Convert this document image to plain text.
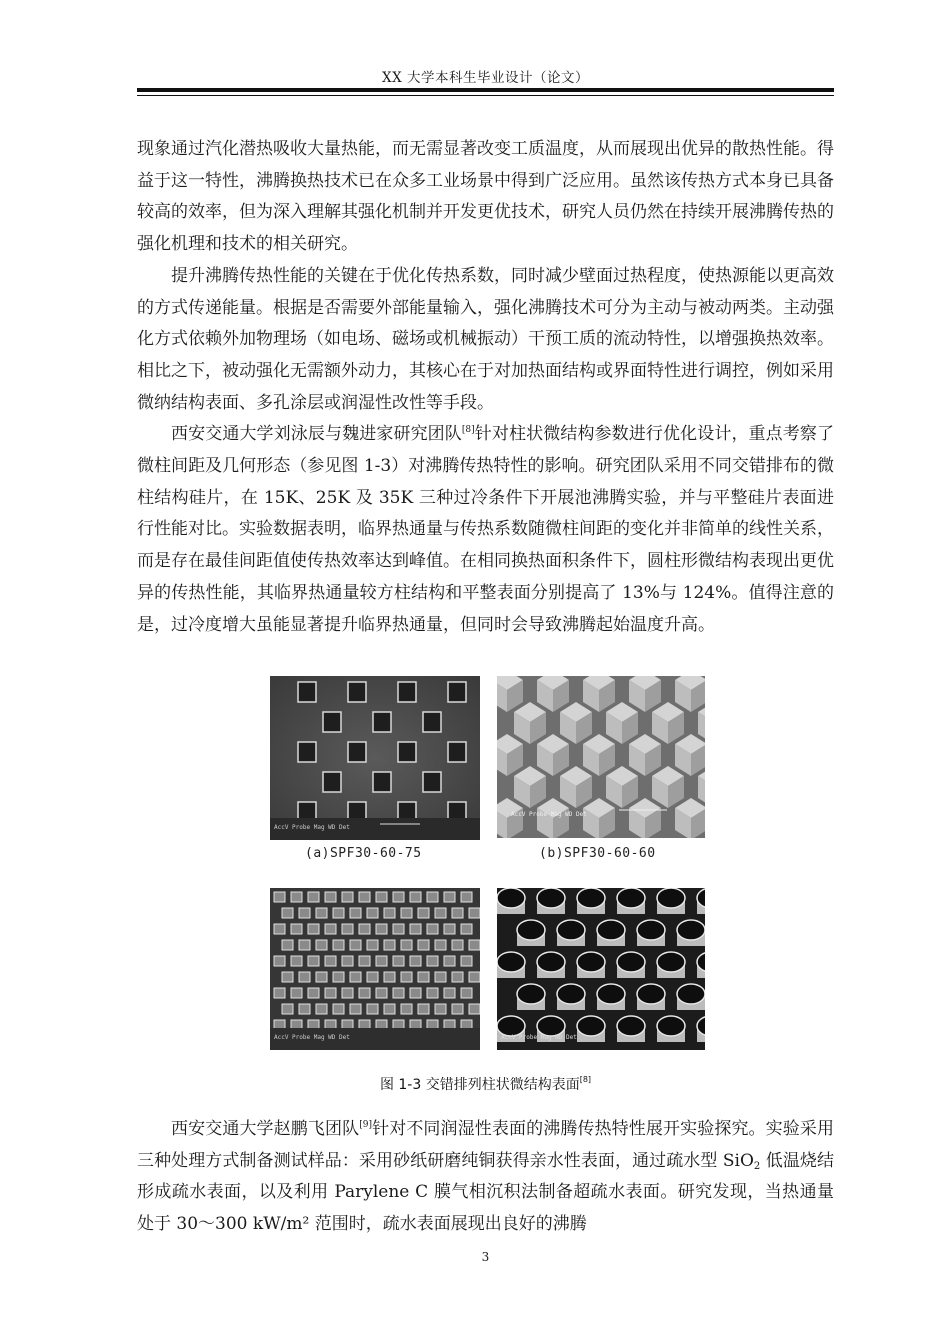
XX 大学本科生毕业设计（论文）

现象通过汽化潜热吸收大量热能，而无需显著改变工质温度，从而展现出优异的散热性能。得益于这一特性，沸腾换热技术已在众多工业场景中得到广泛应用。虽然该传热方式本身已具备较高的效率，但为深入理解其强化机制并开发更优技术，研究人员仍然在持续开展沸腾传热的强化机理和技术的相关研究。

提升沸腾传热性能的关键在于优化传热系数，同时减少壁面过热程度，使热源能以更高效的方式传递能量。根据是否需要外部能量输入，强化沸腾技术可分为主动与被动两类。主动强化方式依赖外加物理场（如电场、磁场或机械振动）干预工质的流动特性，以增强换热效率。相比之下，被动强化无需额外动力，其核心在于对加热面结构或界面特性进行调控，例如采用微纳结构表面、多孔涂层或润湿性改性等手段。

西安交通大学刘泳辰与魏进家研究团队[8]针对柱状微结构参数进行优化设计，重点考察了微柱间距及几何形态（参见图 1-3）对沸腾传热特性的影响。研究团队采用不同交错排布的微柱结构硅片，在 15K、25K 及 35K 三种过冷条件下开展池沸腾实验，并与平整硅片表面进行性能对比。实验数据表明，临界热通量与传热系数随微柱间距的变化并非简单的线性关系，而是存在最佳间距值使传热效率达到峰值。在相同换热面积条件下，圆柱形微结构表现出更优异的传热性能，其临界热通量较方柱结构和平整表面分别提高了 13%与 124%。值得注意的是，过冷度增大虽能显著提升临界热通量，但同时会导致沸腾起始温度升高。

AccV Probe Mag WD Det
AccV Probe Mag WD Det
AccV Probe Mag WD Det	AccV Probe Mag WD Det
(a)SPF30-60-75	(b)SPF30-60-60
图 1-3 交错排列柱状微结构表面[8]

西安交通大学赵鹏飞团队[9]针对不同润湿性表面的沸腾传热特性展开实验探究。实验采用三种处理方式制备测试样品：采用砂纸研磨纯铜获得亲水性表面，通过疏水型 SiO$_2$ 低温烧结形成疏水表面，以及利用 Parylene C 膜气相沉积法制备超疏水表面。研究发现，当热通量处于 30～300 kW/m² 范围时，疏水表面展现出良好的沸腾

3
